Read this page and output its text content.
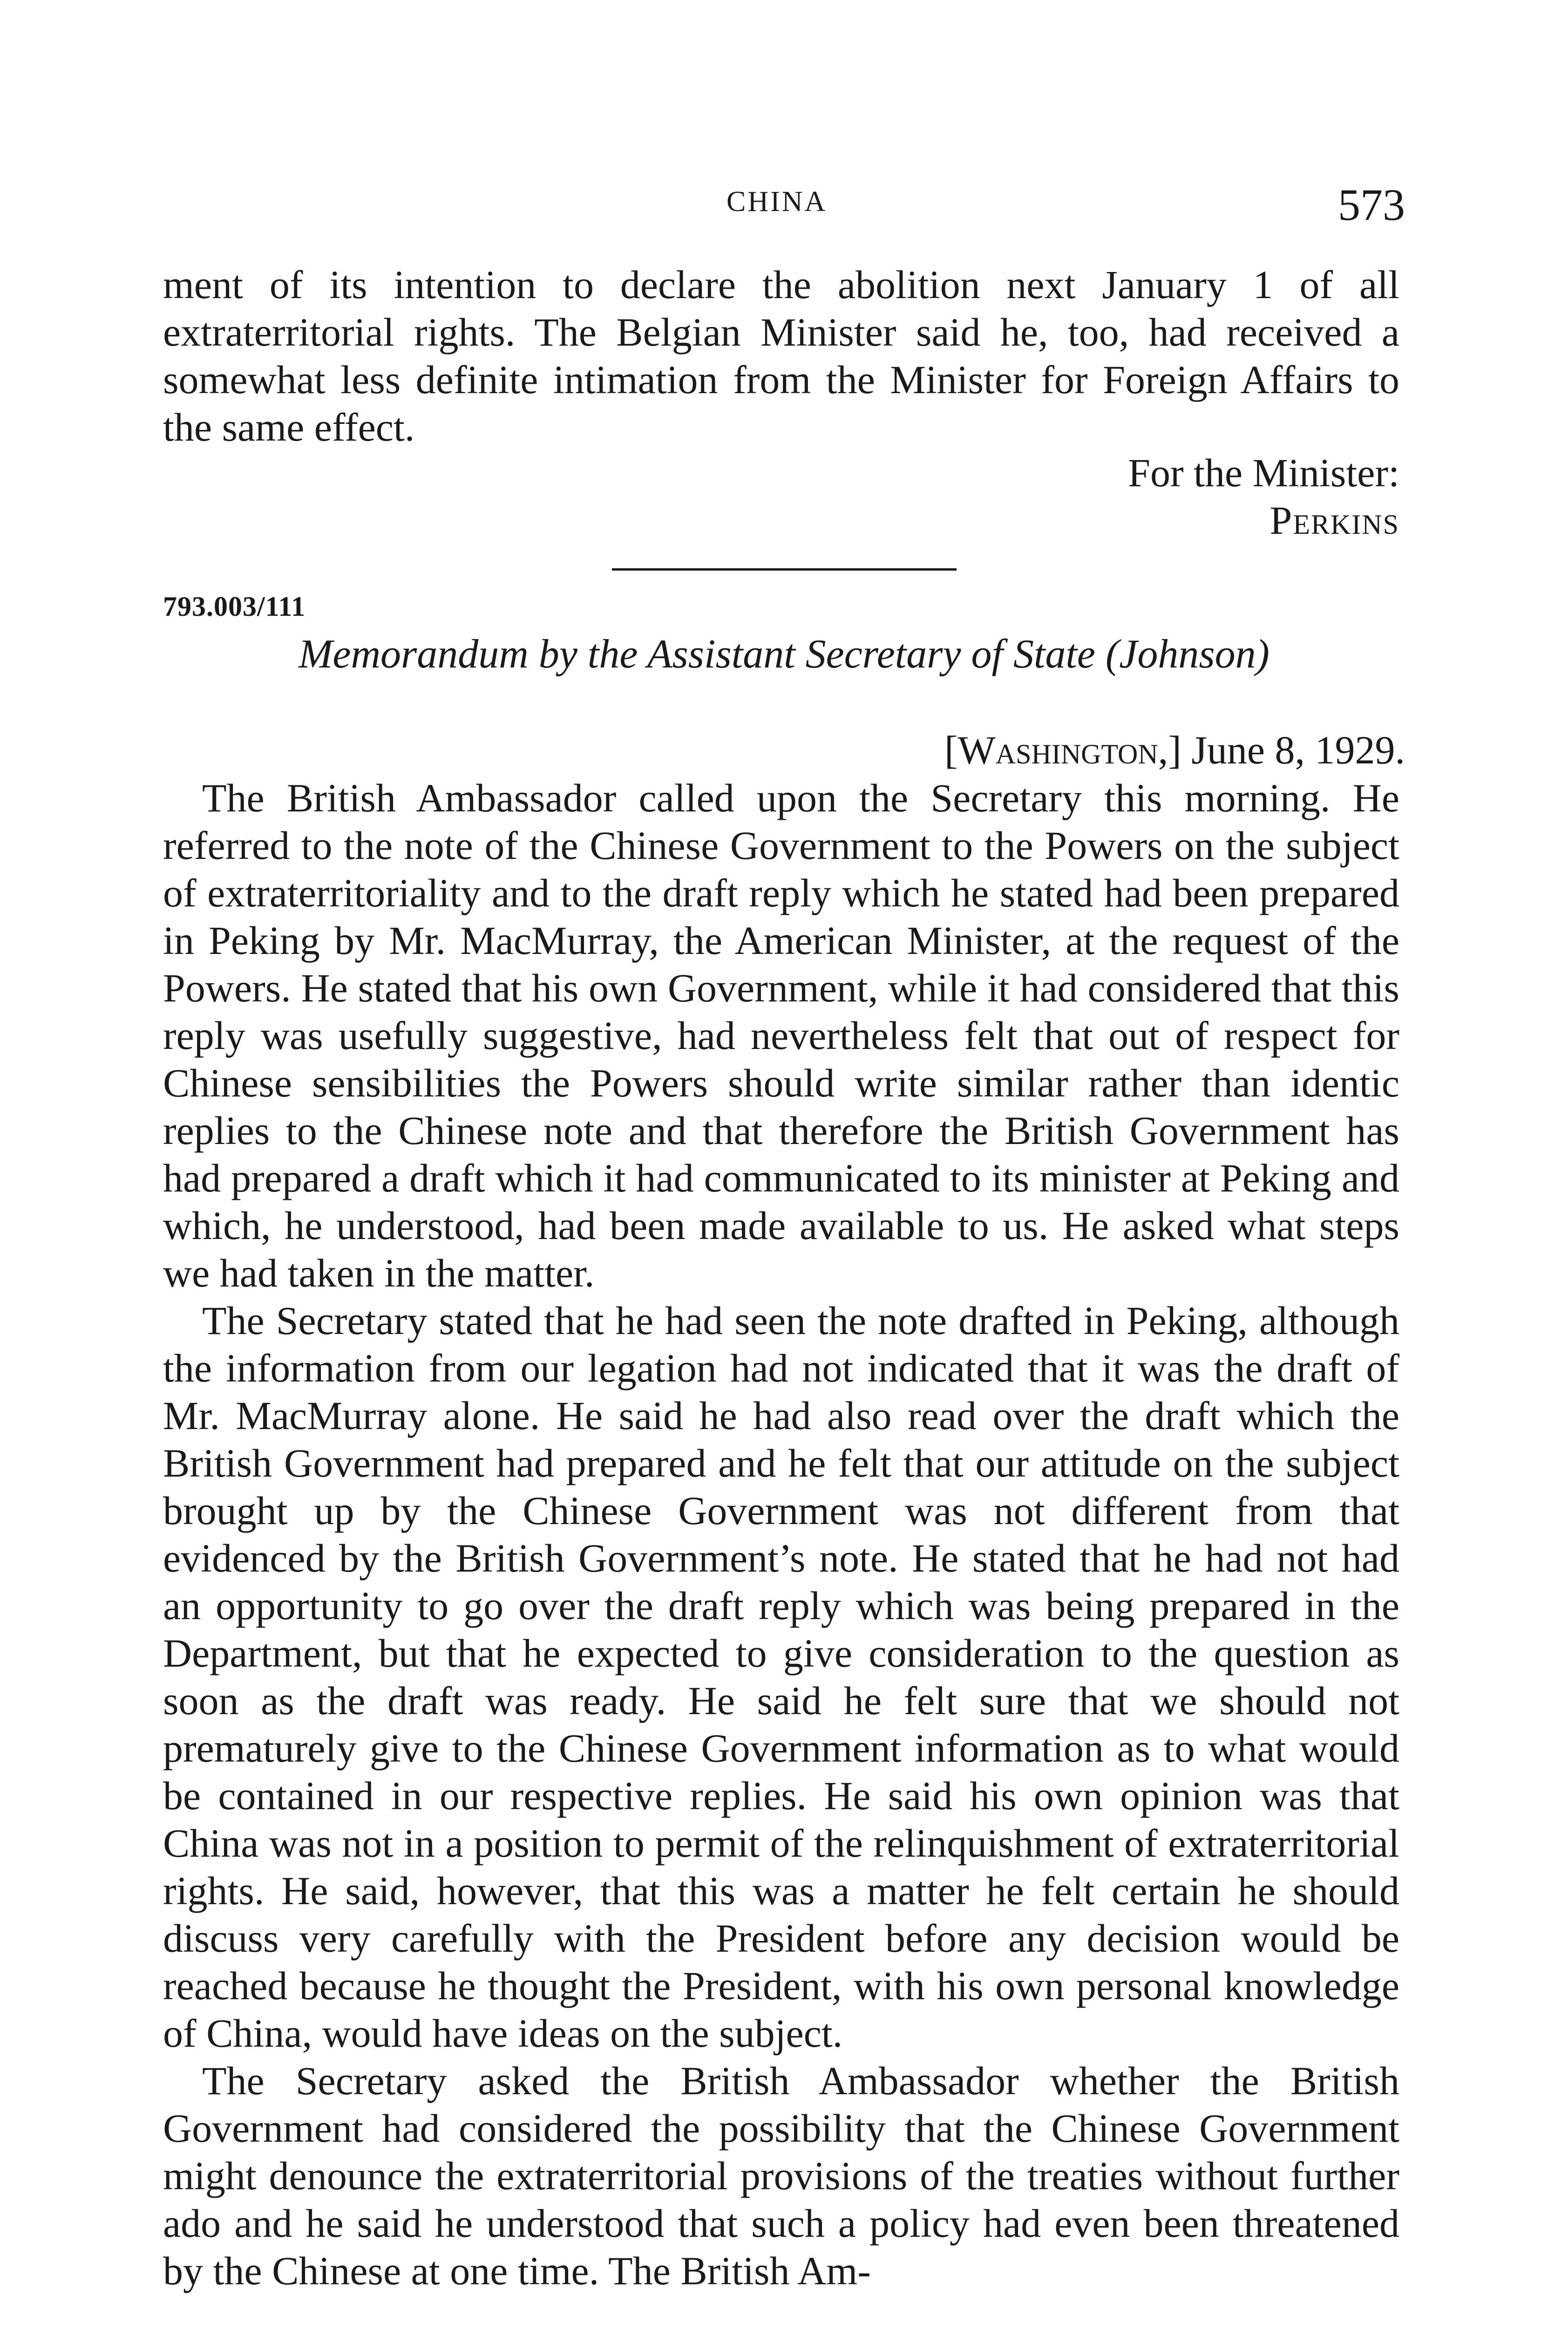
CHINA	573

ment of its intention to declare the abolition next January 1 of all extraterritorial rights. The Belgian Minister said he, too, had received a somewhat less definite intimation from the Minister for Foreign Affairs to the same effect.

For the Minister:
Perkins
793.003/111
Memorandum by the Assistant Secretary of State (Johnson)
[Washington,] June 8, 1929.

The British Ambassador called upon the Secretary this morning. He referred to the note of the Chinese Government to the Powers on the subject of extraterritoriality and to the draft reply which he stated had been prepared in Peking by Mr. MacMurray, the American Minister, at the request of the Powers. He stated that his own Government, while it had considered that this reply was usefully suggestive, had nevertheless felt that out of respect for Chinese sensibilities the Powers should write similar rather than identic replies to the Chinese note and that therefore the British Government has had prepared a draft which it had communicated to its minister at Peking and which, he understood, had been made available to us. He asked what steps we had taken in the matter.

The Secretary stated that he had seen the note drafted in Peking, although the information from our legation had not indicated that it was the draft of Mr. MacMurray alone. He said he had also read over the draft which the British Government had prepared and he felt that our attitude on the subject brought up by the Chinese Government was not different from that evidenced by the British Government’s note. He stated that he had not had an opportunity to go over the draft reply which was being prepared in the Department, but that he expected to give consideration to the question as soon as the draft was ready. He said he felt sure that we should not prematurely give to the Chinese Government information as to what would be contained in our respective replies. He said his own opinion was that China was not in a position to permit of the relinquishment of extraterritorial rights. He said, however, that this was a matter he felt certain he should discuss very carefully with the President before any decision would be reached because he thought the President, with his own personal knowledge of China, would have ideas on the subject.

The Secretary asked the British Ambassador whether the British Government had considered the possibility that the Chinese Government might denounce the extraterritorial provisions of the treaties without further ado and he said he understood that such a policy had even been threatened by the Chinese at one time. The British Am-
